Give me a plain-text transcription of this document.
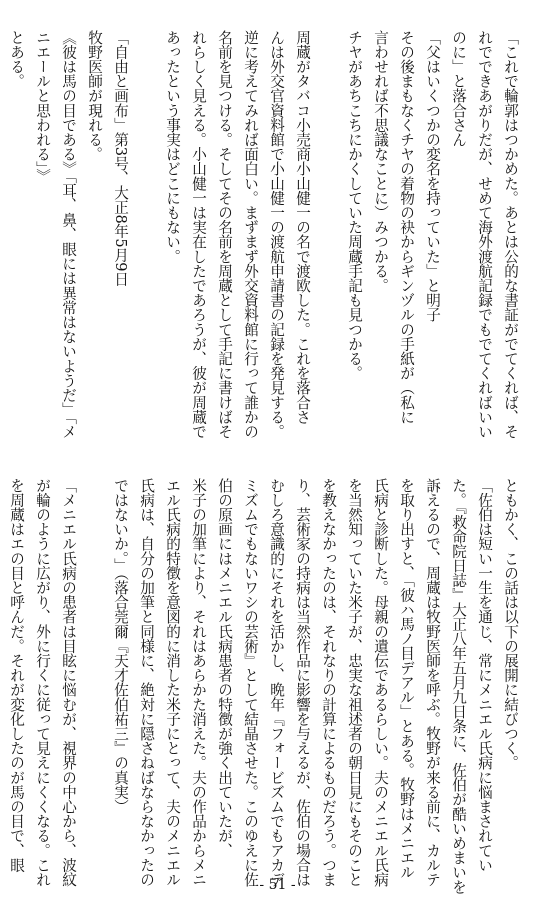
「これで輪郭はつかめた。あとは公的な書証がでてくれば、そ

れでできあがりだが、せめて海外渡航記録でもでてくればいい

のに」と落合さん

「父はいくつかの変名を持っていた」と明子

その後まもなくチヤの着物の袂からギンヅルの手紙が（私に

言わせれば不思議なことに）みつかる。

チヤがあちこちにかくしていた周蔵手記も見つかる。

周蔵がタバコ小売商小山健一の名で渡欧した。これを落合さ

んは外交官資料館で小山健一の渡航申請書の記録を発見する。

逆に考えてみれば面白い。まずまず外交資料館に行って誰かの

名前を見つける。そしてその名前を周蔵として手記に書けばそ

れらしく見える。小山健一は実在したであろうが、彼が周蔵で

あったという事実はどこにもない。

「自由と画布」第3号、大正8年5月9日

牧野医師が現れる。

《彼は馬の目である》「耳、鼻、眼には異常はないようだ」「メ

ニエールと思われる」》

とある。

ともかく、この話は以下の展開に結びつく。

「佐伯は短い一生を通じ、常にメニエル氏病に悩まされてい

た。『救命院日誌』大正八年五月九日条に、佐伯が酷いめまいを

訴えるので、周蔵は牧野医師を呼ぶ。牧野が来る前に、カルテ

を取り出すと、「彼ハ馬ノ目デアル」とある。牧野はメニエル

氏病と診断した。母親の遺伝であるらしい。夫のメニエル氏病

を当然知っていた米子が、忠実な祖述者の朝日見にもそのこと

を教えなかったのは、それなりの計算によるものだろう。つま

り、芸術家の持病は当然作品に影響を与えるが、佐伯の場合は

むしろ意識的にそれを活かし、晩年『フォービズムでもアカデ

ミズムでもないワシの芸術』として結晶させた。このゆえに佐

伯の原画にはメニエル氏病患者の特徴が強く出ていたが、

米子の加筆により、それはあらかた消えた。夫の作品からメニ

エル氏病的特徴を意図的に消した米子にとって、夫のメニエル

氏病は、自分の加筆と同様に、絶対に隠さねばならなかったの

ではないか。」（落合莞爾『天才佐伯祐三』の真実）

「メニエル氏病の患者は目眩に悩むが、視界の中心から、波紋

が輪のように広がり、外に行くに従って見えにくくなる。これ

を周蔵はエの目と呼んだ。それが変化したのが馬の目で、眼

- 51 -
